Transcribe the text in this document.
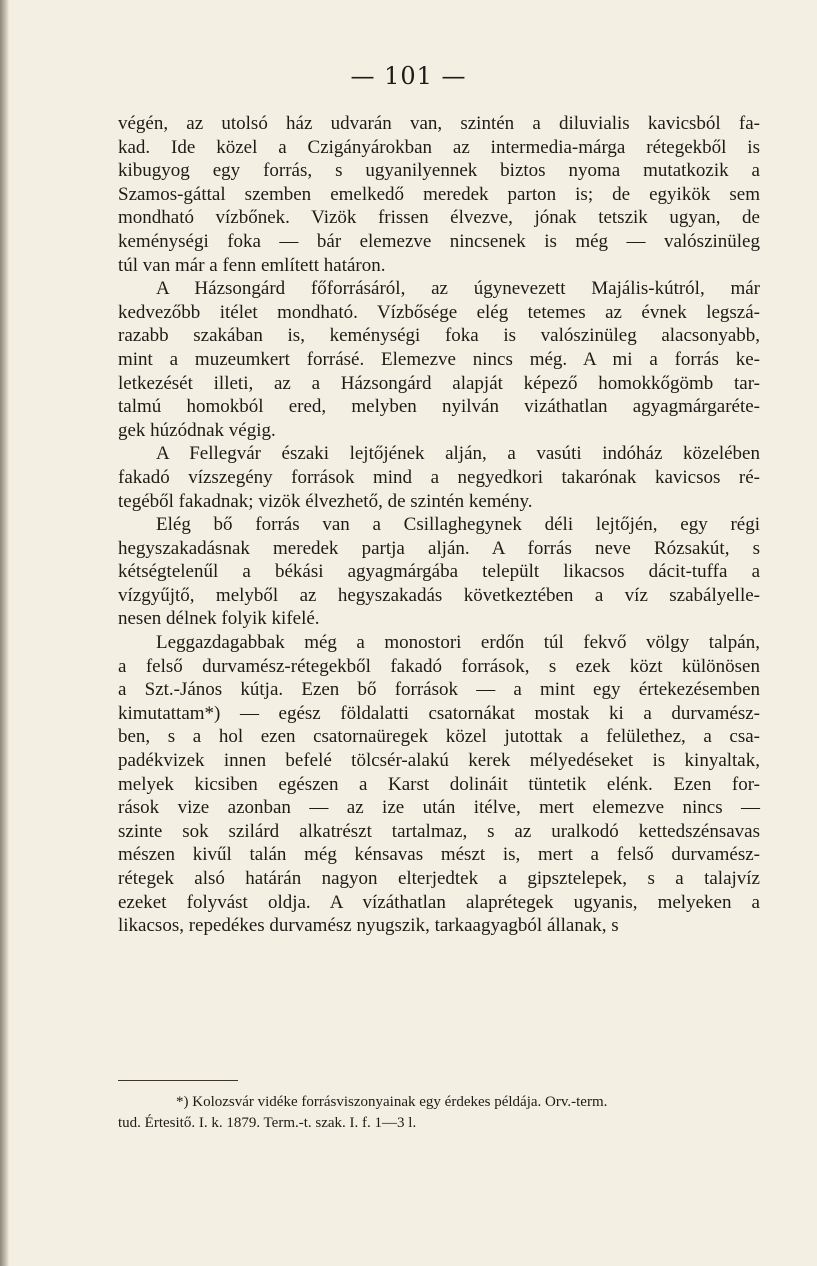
— 101 —

végén, az utolsó ház udvarán van, szintén a diluvialis kavicsból fa-
kad. Ide közel a Czigányárokban az intermedia-márga rétegekből is
kibugyog egy forrás, s ugyanilyennek biztos nyoma mutatkozik a
Szamos-gáttal szemben emelkedő meredek parton is; de egyikök sem
mondható vízbőnek. Vizök frissen élvezve, jónak tetszik ugyan, de
keménységi foka — bár elemezve nincsenek is még — valószinüleg
túl van már a fenn említett határon.

A Házsongárd főforrásáról, az úgynevezett Majális-kútról, már
kedvezőbb itélet mondható. Vízbősége elég tetemes az évnek legszá-
razabb szakában is, keménységi foka is valószinüleg alacsonyabb,
mint a muzeumkert forrásé. Elemezve nincs még. A mi a forrás ke-
letkezését illeti, az a Házsongárd alapját képező homokkőgömb tar-
talmú homokból ered, melyben nyilván vizáthatlan agyagmárgaréte-
gek húzódnak végig.

A Fellegvár északi lejtőjének alján, a vasúti indóház közelében
fakadó vízszegény források mind a negyedkori takarónak kavicsos ré-
tegéből fakadnak; vizök élvezhető, de szintén kemény.

Elég bő forrás van a Csillaghegynek déli lejtőjén, egy régi
hegyszakadásnak meredek partja alján. A forrás neve Rózsakút, s
kétségtelenűl a békási agyagmárgába települt likacsos dácit-tuffa a
vízgyűjtő, melyből az hegyszakadás következtében a víz szabályelle-
nesen délnek folyik kifelé.

Leggazdagabbak még a monostori erdőn túl fekvő völgy talpán,
a felső durvamész-rétegekből fakadó források, s ezek közt különösen
a Szt.-János kútja. Ezen bő források — a mint egy értekezésemben
kimutattam*) — egész földalatti csatornákat mostak ki a durvamész-
ben, s a hol ezen csatornaüregek közel jutottak a felülethez, a csa-
padékvizek innen befelé tölcsér-alakú kerek mélyedéseket is kinyaltak,
melyek kicsiben egészen a Karst dolináit tüntetik elénk. Ezen for-
rások vize azonban — az ize után itélve, mert elemezve nincs —
szinte sok szilárd alkatrészt tartalmaz, s az uralkodó kettedszénsavas
mészen kivűl talán még kénsavas mészt is, mert a felső durvamész-
rétegek alsó határán nagyon elterjedtek a gipsztelepek, s a talajvíz
ezeket folyvást oldja. A vízáthatlan alaprétegek ugyanis, melyeken a
likacsos, repedékes durvamész nyugszik, tarkaagyagból állanak, s

*) Kolozsvár vidéke forrásviszonyainak egy érdekes példája. Orv.-term.
tud. Értesitő. I. k. 1879. Term.-t. szak. I. f. 1—3 l.
